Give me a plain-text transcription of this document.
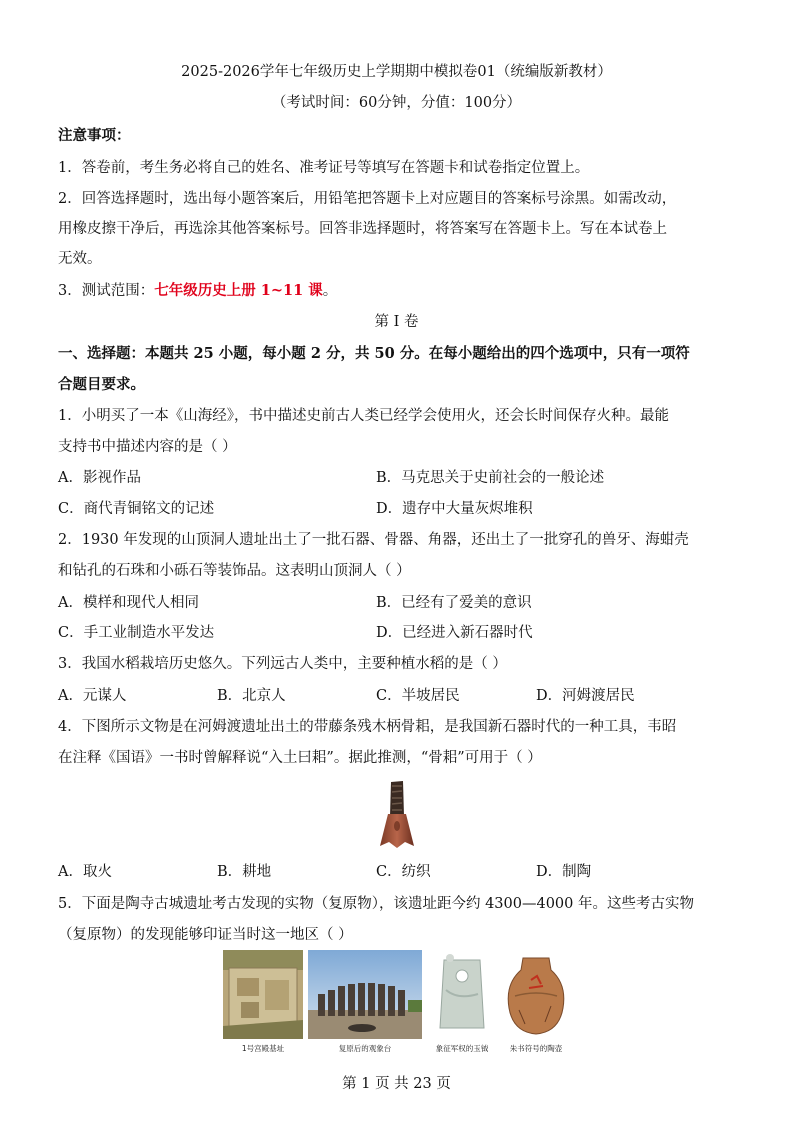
2025-2026学年七年级历史上学期期中模拟卷01（统编版新教材）
（考试时间：60分钟，分值：100分）
注意事项：
1．答卷前，考生务必将自己的姓名、准考证号等填写在答题卡和试卷指定位置上。
2．回答选择题时，选出每小题答案后，用铅笔把答题卡上对应题目的答案标号涂黑。如需改动，
用橡皮擦干净后，再选涂其他答案标号。回答非选择题时，将答案写在答题卡上。写在本试卷上
无效。
3．测试范围：七年级历史上册 1~11 课。
第 I 卷
一、选择题：本题共 25 小题，每小题 2 分，共 50 分。在每小题给出的四个选项中，只有一项符
合题目要求。
1．小明买了一本《山海经》，书中描述史前古人类已经学会使用火，还会长时间保存火种。最能
支持书中描述内容的是（ ）
A．影视作品	B．马克思关于史前社会的一般论述
C．商代青铜铭文的记述	D．遗存中大量灰烬堆积
2．1930 年发现的山顶洞人遗址出土了一批石器、骨器、角器，还出土了一批穿孔的兽牙、海蚶壳
和钻孔的石珠和小砾石等装饰品。这表明山顶洞人（ ）
A．模样和现代人相同	B．已经有了爱美的意识
C．手工业制造水平发达	D．已经进入新石器时代
3．我国水稻栽培历史悠久。下列远古人类中，主要种植水稻的是（ ）
A．元谋人	B．北京人	C．半坡居民	D．河姆渡居民
4．下图所示文物是在河姆渡遗址出土的带藤条残木柄骨耜，是我国新石器时代的一种工具，韦昭
在注释《国语》一书时曾解释说“入土曰耜”。据此推测，“骨耜”可用于（ ）
A．取火	B．耕地	C．纺织	D．制陶
5．下面是陶寺古城遗址考古发现的实物（复原物），该遗址距今约 4300—4000 年。这些考古实物
（复原物）的发现能够印证当时这一地区（ ）
1号宫殿基址	复原后的观象台	象征军权的玉钺	朱书符号的陶壶
第 1 页 共 23 页
